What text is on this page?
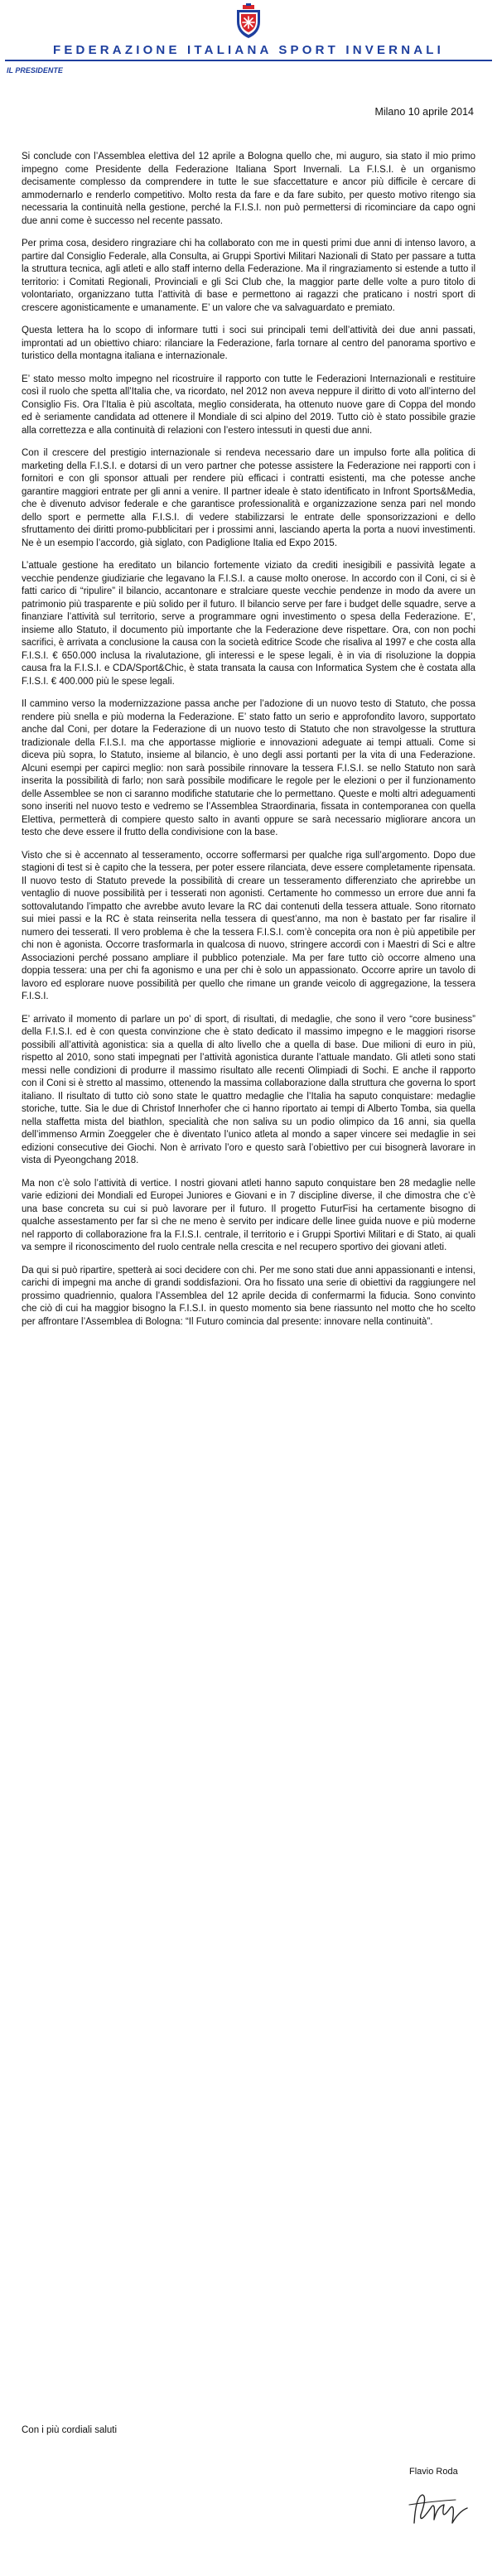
FEDERAZIONE ITALIANA SPORT INVERNALI
IL PRESIDENTE
Milano 10 aprile 2014

Si conclude con l’Assemblea elettiva del 12 aprile a Bologna quello che, mi auguro, sia stato il mio primo impegno come Presidente della Federazione Italiana Sport Invernali. La F.I.S.I. è un organismo decisamente complesso da comprendere in tutte le sue sfaccettature e ancor più difficile è cercare di ammodernarlo e renderlo competitivo. Molto resta da fare e da fare subito, per questo motivo ritengo sia necessaria la continuità nella gestione, perché la F.I.S.I. non può permettersi di ricominciare da capo ogni due anni come è successo nel recente passato.

Per prima cosa, desidero ringraziare chi ha collaborato con me in questi primi due anni di intenso lavoro, a partire dal Consiglio Federale, alla Consulta, ai Gruppi Sportivi Militari Nazionali di Stato per passare a tutta la struttura tecnica, agli atleti e allo staff interno della Federazione. Ma il ringraziamento si estende a tutto il territorio: i Comitati Regionali, Provinciali e gli Sci Club che, la maggior parte delle volte a puro titolo di volontariato, organizzano tutta l’attività di base e permettono ai ragazzi che praticano i nostri sport di crescere agonisticamente e umanamente. E’ un valore che va salvaguardato e premiato.

Questa lettera ha lo scopo di informare tutti i soci sui principali temi dell’attività dei due anni passati, improntati ad un obiettivo chiaro: rilanciare la Federazione, farla tornare al centro del panorama sportivo e turistico della montagna italiana e internazionale.

E’ stato messo molto impegno nel ricostruire il rapporto con tutte le Federazioni Internazionali e restituire così il ruolo che spetta all’Italia che, va ricordato, nel 2012 non aveva neppure il diritto di voto all’interno del Consiglio Fis. Ora l’Italia è più ascoltata, meglio considerata, ha ottenuto nuove gare di Coppa del mondo ed è seriamente candidata ad ottenere il Mondiale di sci alpino del 2019. Tutto ciò è stato possibile grazie alla correttezza e alla continuità di relazioni con l’estero intessuti in questi due anni.

Con il crescere del prestigio internazionale si rendeva necessario dare un impulso forte alla politica di marketing della F.I.S.I. e dotarsi di un vero partner che potesse assistere la Federazione nei rapporti con i fornitori e con gli sponsor attuali per rendere più efficaci i contratti esistenti, ma che potesse anche garantire maggiori entrate per gli anni a venire. Il partner ideale è stato identificato in Infront Sports&Media, che è divenuto advisor federale e che garantisce professionalità e organizzazione senza pari nel mondo dello sport e permette alla F.I.S.I. di vedere stabilizzarsi le entrate delle sponsorizzazioni e dello sfruttamento dei diritti promo-pubblicitari per i prossimi anni, lasciando aperta la porta a nuovi investimenti. Ne è un esempio l’accordo, già siglato, con Padiglione Italia ed Expo 2015.

L’attuale gestione ha ereditato un bilancio fortemente viziato da crediti inesigibili e passività legate a vecchie pendenze giudiziarie che legavano la F.I.S.I. a cause molto onerose. In accordo con il Coni, ci si è fatti carico di “ripulire” il bilancio, accantonare e stralciare queste vecchie pendenze in modo da avere un patrimonio più trasparente e più solido per il futuro. Il bilancio serve per fare i budget delle squadre, serve a finanziare l’attività sul territorio, serve a programmare ogni investimento o spesa della Federazione. E’, insieme allo Statuto, il documento più importante che la Federazione deve rispettare. Ora, con non pochi sacrifici, è arrivata a conclusione la causa con la società editrice Scode che risaliva al 1997 e che costa alla F.I.S.I. € 650.000 inclusa la rivalutazione, gli interessi e le spese legali, è in via di risoluzione la doppia causa fra la F.I.S.I. e CDA/Sport&Chic, è stata transata la causa con Informatica System che è costata alla F.I.S.I. € 400.000 più le spese legali.

Il cammino verso la modernizzazione passa anche per l’adozione di un nuovo testo di Statuto, che possa rendere più snella e più moderna la Federazione. E’ stato fatto un serio e approfondito lavoro, supportato anche dal Coni, per dotare la Federazione di un nuovo testo di Statuto che non stravolgesse la struttura tradizionale della F.I.S.I. ma che apportasse migliorie e innovazioni adeguate ai tempi attuali. Come si diceva più sopra, lo Statuto, insieme al bilancio, è uno degli assi portanti per la vita di una Federazione. Alcuni esempi per capirci meglio: non sarà possibile rinnovare la tessera F.I.S.I. se nello Statuto non sarà inserita la possibilità di farlo; non sarà possibile modificare le regole per le elezioni o per il funzionamento delle Assemblee se non ci saranno modifiche statutarie che lo permettano. Queste e molti altri adeguamenti sono inseriti nel nuovo testo e vedremo se l’Assemblea Straordinaria, fissata in contemporanea con quella Elettiva, permetterà di compiere questo salto in avanti oppure se sarà necessario migliorare ancora un testo che deve essere il frutto della condivisione con la base.

Visto che si è accennato al tesseramento, occorre soffermarsi per qualche riga sull’argomento. Dopo due stagioni di test si è capito che la tessera, per poter essere rilanciata, deve essere completamente ripensata. Il nuovo testo di Statuto prevede la possibilità di creare un tesseramento differenziato che aprirebbe un ventaglio di nuove possibilità per i tesserati non agonisti. Certamente ho commesso un errore due anni fa sottovalutando l’impatto che avrebbe avuto levare la RC dai contenuti della tessera attuale. Sono ritornato sui miei passi e la RC è stata reinserita nella tessera di quest’anno, ma non è bastato per far risalire il numero dei tesserati. Il vero problema è che la tessera F.I.S.I. com’è concepita ora non è più appetibile per chi non è agonista. Occorre trasformarla in qualcosa di nuovo, stringere accordi con i Maestri di Sci e altre Associazioni perché possano ampliare il pubblico potenziale. Ma per fare tutto ciò occorre almeno una doppia tessera: una per chi fa agonismo e una per chi è solo un appassionato. Occorre aprire un tavolo di lavoro ed esplorare nuove possibilità per quello che rimane un grande veicolo di aggregazione, la tessera F.I.S.I.

E’ arrivato il momento di parlare un po’ di sport, di risultati, di medaglie, che sono il vero “core business” della F.I.S.I. ed è con questa convinzione che è stato dedicato il massimo impegno e le maggiori risorse possibili all’attività agonistica: sia a quella di alto livello che a quella di base. Due milioni di euro in più, rispetto al 2010, sono stati impegnati per l’attività agonistica durante l’attuale mandato. Gli atleti sono stati messi nelle condizioni di produrre il massimo risultato alle recenti Olimpiadi di Sochi. E anche il rapporto con il Coni si è stretto al massimo, ottenendo la massima collaborazione dalla struttura che governa lo sport italiano. Il risultato di tutto ciò sono state le quattro medaglie che l’Italia ha saputo conquistare: medaglie storiche, tutte. Sia le due di Christof Innerhofer che ci hanno riportato ai tempi di Alberto Tomba, sia quella nella staffetta mista del biathlon, specialità che non saliva su un podio olimpico da 16 anni, sia quella dell’immenso Armin Zoeggeler che è diventato l’unico atleta al mondo a saper vincere sei medaglie in sei edizioni consecutive dei Giochi. Non è arrivato l’oro e questo sarà l’obiettivo per cui bisognerà lavorare in vista di Pyeongchang 2018.

Ma non c’è solo l’attività di vertice. I nostri giovani atleti hanno saputo conquistare ben 28 medaglie nelle varie edizioni dei Mondiali ed Europei Juniores e Giovani e in 7 discipline diverse, il che dimostra che c’è una base concreta su cui si può lavorare per il futuro. Il progetto FuturFisi ha certamente bisogno di qualche assestamento per far sì che ne meno è servito per indicare delle linee guida nuove e più moderne nel rapporto di collaborazione fra la F.I.S.I. centrale, il territorio e i Gruppi Sportivi Militari e di Stato, ai quali va sempre il riconoscimento del ruolo centrale nella crescita e nel recupero sportivo dei giovani atleti.

Da qui si può ripartire, spetterà ai soci decidere con chi. Per me sono stati due anni appassionanti e intensi, carichi di impegni ma anche di grandi soddisfazioni. Ora ho fissato una serie di obiettivi da raggiungere nel prossimo quadriennio, qualora l’Assemblea del 12 aprile decida di confermarmi la fiducia. Sono convinto che ciò di cui ha maggior bisogno la F.I.S.I. in questo momento sia bene riassunto nel motto che ho scelto per affrontare l’Assemblea di Bologna: “Il Futuro comincia dal presente: innovare nella continuità”.

Con i più cordiali saluti
Flavio Roda
